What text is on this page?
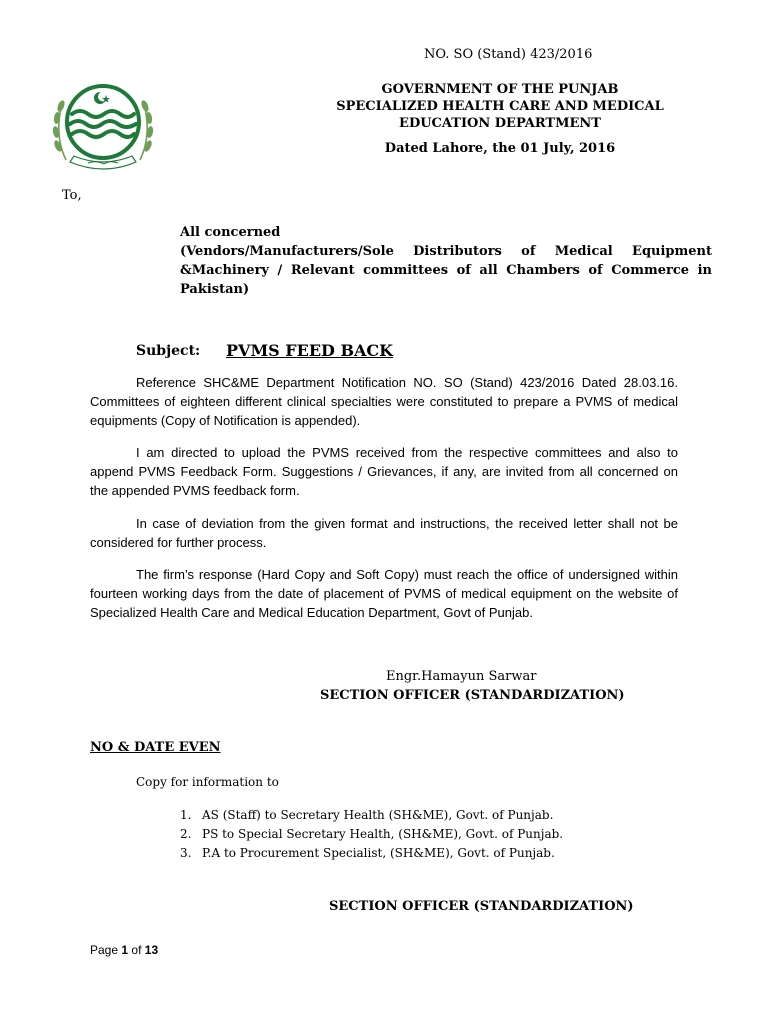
NO. SO (Stand) 423/2016
GOVERNMENT OF THE PUNJAB
SPECIALIZED HEALTH CARE AND MEDICAL
EDUCATION DEPARTMENT
Dated Lahore, the 01 July, 2016
To,
All concerned
(Vendors/Manufacturers/Sole Distributors of Medical Equipment
&Machinery / Relevant committees of all Chambers of Commerce in
Pakistan)
Subject: PVMS FEED BACK

Reference SHC&ME Department Notification NO. SO (Stand) 423/2016 Dated 28.03.16. Committees of eighteen different clinical specialties were constituted to prepare a PVMS of medical equipments (Copy of Notification is appended).

I am directed to upload the PVMS received from the respective committees and also to append PVMS Feedback Form. Suggestions / Grievances, if any, are invited from all concerned on the appended PVMS feedback form.

In case of deviation from the given format and instructions, the received letter shall not be considered for further process.

The firm’s response (Hard Copy and Soft Copy) must reach the office of undersigned within fourteen working days from the date of placement of PVMS of medical equipment on the website of Specialized Health Care and Medical Education Department, Govt of Punjab.

Engr.Hamayun Sarwar
SECTION OFFICER (STANDARDIZATION)
NO & DATE EVEN
Copy for information to
1. AS (Staff) to Secretary Health (SH&ME), Govt. of Punjab.
2. PS to Special Secretary Health, (SH&ME), Govt. of Punjab.
3. P.A to Procurement Specialist, (SH&ME), Govt. of Punjab.
SECTION OFFICER (STANDARDIZATION)
Page 1 of 13
